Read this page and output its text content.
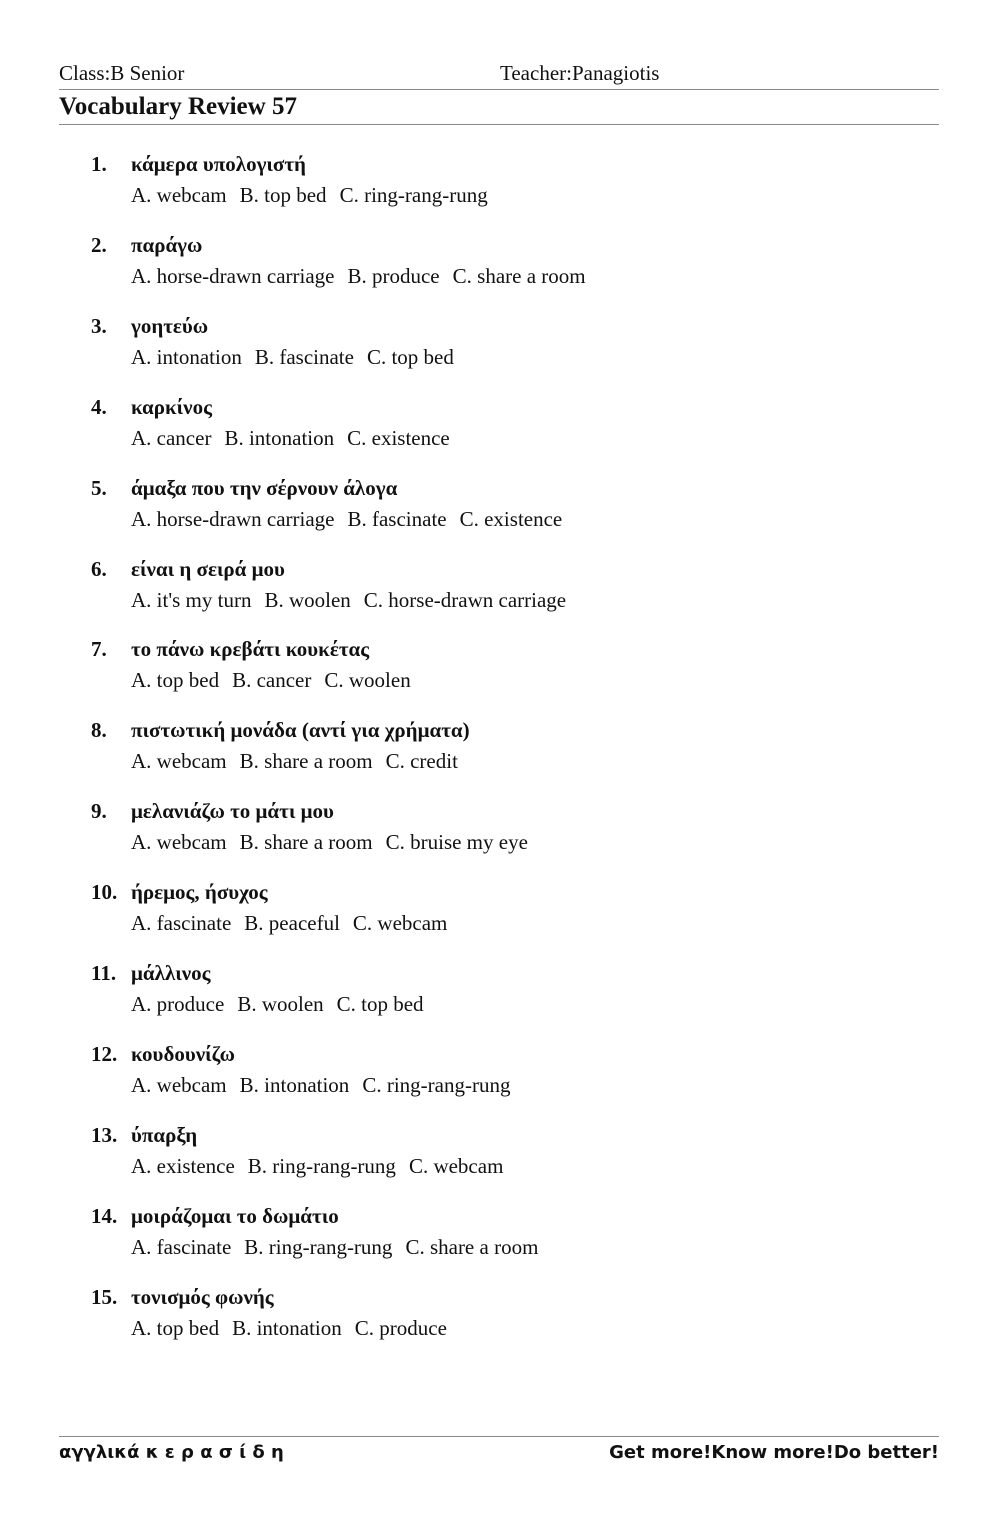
Class:B Senior	Teacher:Panagiotis
Vocabulary Review 57
1. κάμερα υπολογιστή
A. webcam B. top bed C. ring-rang-rung
2. παράγω
A. horse-drawn carriage B. produce C. share a room
3. γοητεύω
A. intonation B. fascinate C. top bed
4. καρκίνος
A. cancer B. intonation C. existence
5. άμαξα που την σέρνουν άλογα
A. horse-drawn carriage B. fascinate C. existence
6. είναι η σειρά μου
A. it's my turn B. woolen C. horse-drawn carriage
7. το πάνω κρεβάτι κουκέτας
A. top bed B. cancer C. woolen
8. πιστωτική μονάδα (αντί για χρήματα)
A. webcam B. share a room C. credit
9. μελανιάζω το μάτι μου
A. webcam B. share a room C. bruise my eye
10. ήρεμος, ήσυχος
A. fascinate B. peaceful C. webcam
11. μάλλινος
A. produce B. woolen C. top bed
12. κουδουνίζω
A. webcam B. intonation C. ring-rang-rung
13. ύπαρξη
A. existence B. ring-rang-rung C. webcam
14. μοιράζομαι το δωμάτιο
A. fascinate B. ring-rang-rung C. share a room
15. τονισμός φωνής
A. top bed B. intonation C. produce
αγγλικά κ ε ρ α σ ί δ η	Get more!Know more!Do better!
